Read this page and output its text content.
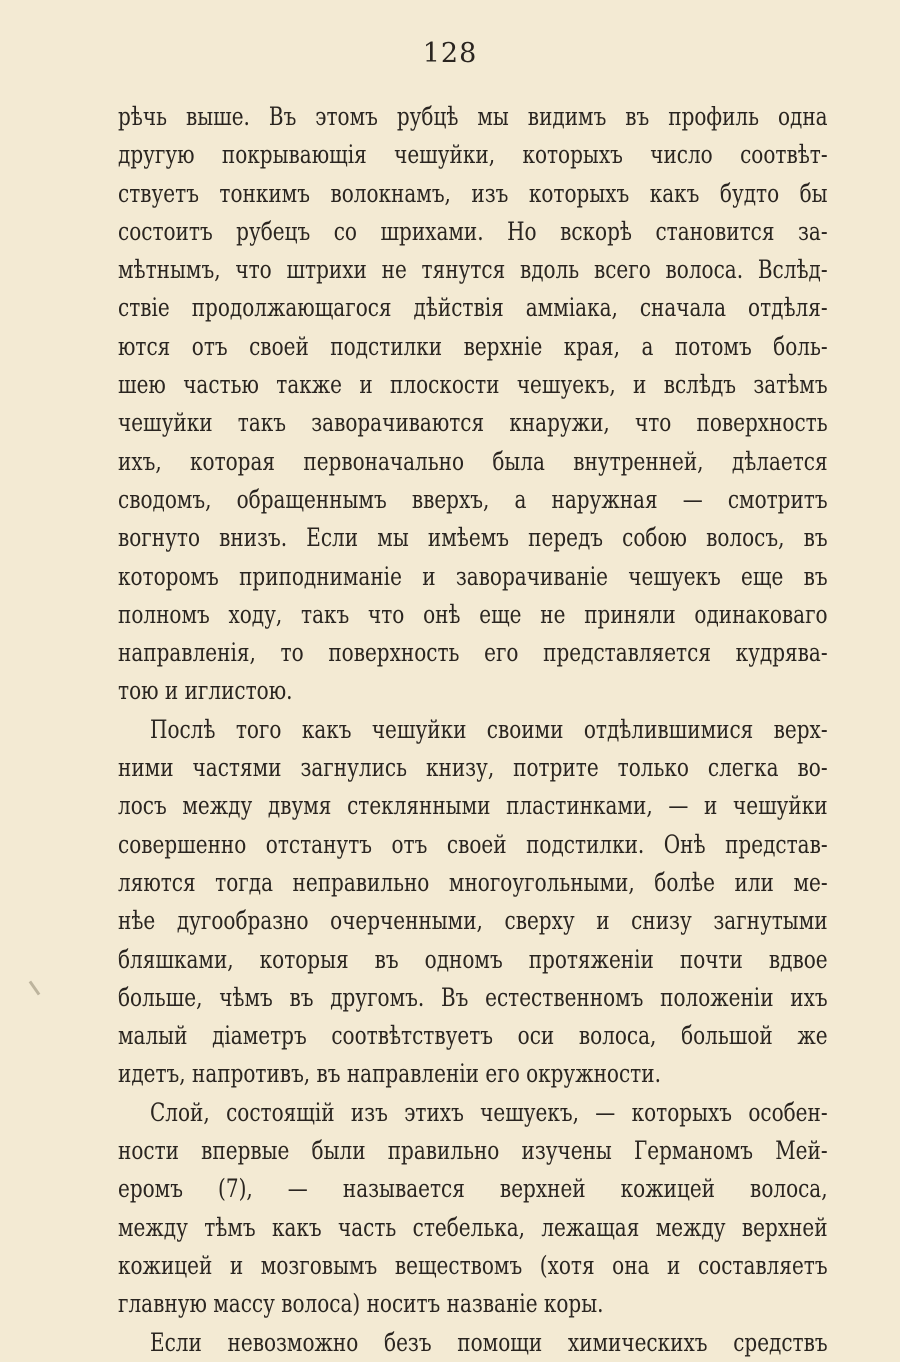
128
рѣчь выше. Въ этомъ рубцѣ мы видимъ въ профиль одна
другую покрывающія чешуйки, которыхъ число соотвѣт-
ствуетъ тонкимъ волокнамъ, изъ которыхъ какъ будто бы
состоитъ рубецъ со шрихами. Но вскорѣ становится за-
мѣтнымъ, что штрихи не тянутся вдоль всего волоса. Вслѣд-
ствіе продолжающагося дѣйствія амміака, сначала отдѣля-
ются отъ своей подстилки верхніе края, а потомъ боль-
шею частью также и плоскости чешуекъ, и вслѣдъ затѣмъ
чешуйки такъ заворачиваются кнаружи, что поверхность
ихъ, которая первоначально была внутренней, дѣлается
сводомъ, обращеннымъ вверхъ, а наружная — смотритъ
вогнуто внизъ. Если мы имѣемъ передъ собою волосъ, въ
которомъ приподниманіе и заворачиваніе чешуекъ еще въ
полномъ ходу, такъ что онѣ еще не приняли одинаковаго
направленія, то поверхность его представляется кудрява-
тою и иглистою.
Послѣ того какъ чешуйки своими отдѣлившимися верх-
ними частями загнулись книзу, потрите только слегка во-
лосъ между двумя стеклянными пластинками, — и чешуйки
совершенно отстанутъ отъ своей подстилки. Онѣ представ-
ляются тогда неправильно многоугольными, болѣе или ме-
нѣе дугообразно очерченными, сверху и снизу загнутыми
бляшками, которыя въ одномъ протяженіи почти вдвое
больше, чѣмъ въ другомъ. Въ естественномъ положеніи ихъ
малый діаметръ соотвѣтствуетъ оси волоса, большой же
идетъ, напротивъ, въ направленіи его окружности.
Слой, состоящій изъ этихъ чешуекъ, — которыхъ особен-
ности впервые были правильно изучены Германомъ Мей-
еромъ (7), — называется верхней кожицей волоса,
между тѣмъ какъ часть стебелька, лежащая между верхней
кожицей и мозговымъ веществомъ (хотя она и составляетъ
главную массу волоса) носитъ названіе коры.
Если невозможно безъ помощи химическихъ средствъ
